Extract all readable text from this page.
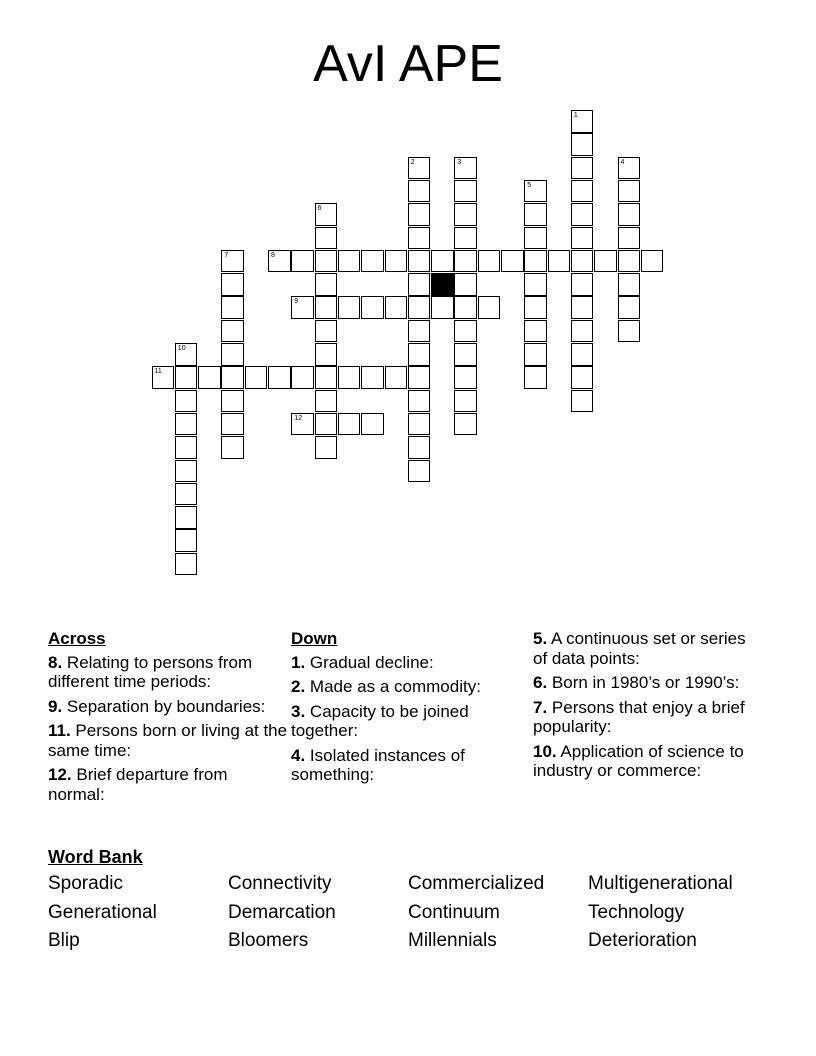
AvI APE
1
2	3	4
5
6
7
10
8
9
11
12
Across
8. Relating to persons from different time periods:
9. Separation by boundaries:
11. Persons born or living at the same time:
12. Brief departure from normal:
Down
1. Gradual decline:
2. Made as a commodity:
3. Capacity to be joined together:
4. Isolated instances of something:
5. A continuous set or series of data points:
6. Born in 1980’s or 1990’s:
7. Persons that enjoy a brief popularity:
10. Application of science to industry or commerce:
Word Bank
Sporadic	Connectivity	Commercialized	Multigenerational
Generational	Demarcation	Continuum	Technology
Blip	Bloomers	Millennials	Deterioration
